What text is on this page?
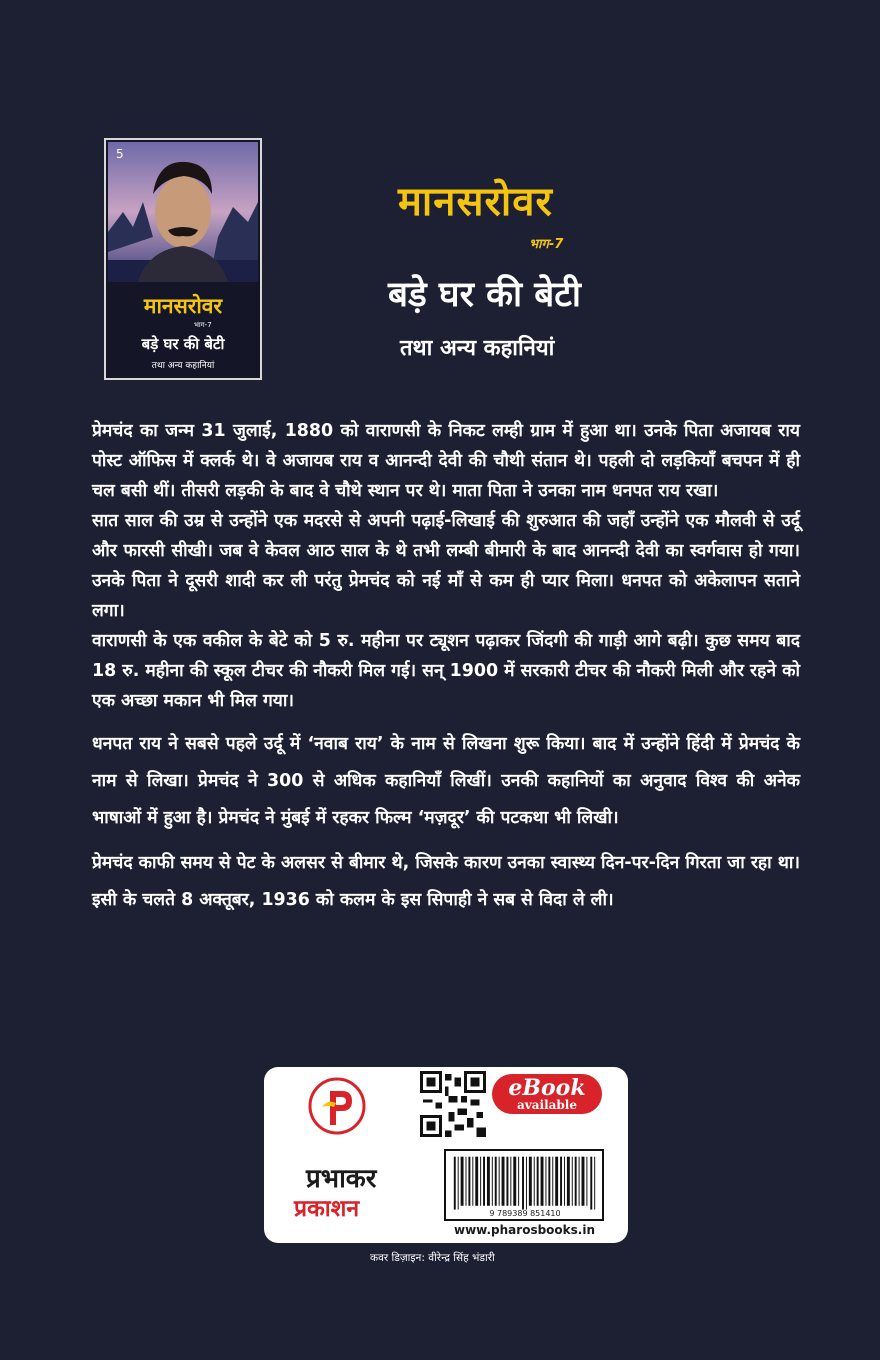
5
मानसरोवर
भाग-7
बड़े घर की बेटी
तथा अन्य कहानियां
मानसरोवर
भाग-7
बड़े घर की बेटी
तथा अन्य कहानियां

प्रेमचंद का जन्म 31 जुलाई, 1880 को वाराणसी के निकट लम्ही ग्राम में हुआ था। उनके पिता अजायब राय पोस्ट ऑफिस में क्लर्क थे। वे अजायब राय व आनन्दी देवी की चौथी संतान थे। पहली दो लड़कियाँ बचपन में ही चल बसी थीं। तीसरी लड़की के बाद वे चौथे स्थान पर थे। माता पिता ने उनका नाम धनपत राय रखा।

सात साल की उम्र से उन्होंने एक मदरसे से अपनी पढ़ाई-लिखाई की शुरुआत की जहाँ उन्होंने एक मौलवी से उर्दू और फारसी सीखी। जब वे केवल आठ साल के थे तभी लम्बी बीमारी के बाद आनन्दी देवी का स्वर्गवास हो गया। उनके पिता ने दूसरी शादी कर ली परंतु प्रेमचंद को नई माँ से कम ही प्यार मिला। धनपत को अकेलापन सताने लगा।

वाराणसी के एक वकील के बेटे को 5 रु. महीना पर ट्यूशन पढ़ाकर जिंदगी की गाड़ी आगे बढ़ी। कुछ समय बाद 18 रु. महीना की स्कूल टीचर की नौकरी मिल गई। सन् 1900 में सरकारी टीचर की नौकरी मिली और रहने को एक अच्छा मकान भी मिल गया।

धनपत राय ने सबसे पहले उर्दू में ‘नवाब राय’ के नाम से लिखना शुरू किया। बाद में उन्होंने हिंदी में प्रेमचंद के नाम से लिखा। प्रेमचंद ने 300 से अधिक कहानियाँ लिखीं। उनकी कहानियों का अनुवाद विश्व की अनेक भाषाओं में हुआ है। प्रेमचंद ने मुंबई में रहकर फिल्म ‘मज़दूर’ की पटकथा भी लिखी।

प्रेमचंद काफी समय से पेट के अलसर से बीमार थे, जिसके कारण उनका स्वास्थ्य दिन-पर-दिन गिरता जा रहा था। इसी के चलते 8 अक्तूबर, 1936 को कलम के इस सिपाही ने सब से विदा ले ली।

P
प्रभाकर
प्रकाशन
eBook
available
9 789389 851410
www.pharosbooks.in
कवर डिज़ाइन: वीरेन्द्र सिंह भंडारी
